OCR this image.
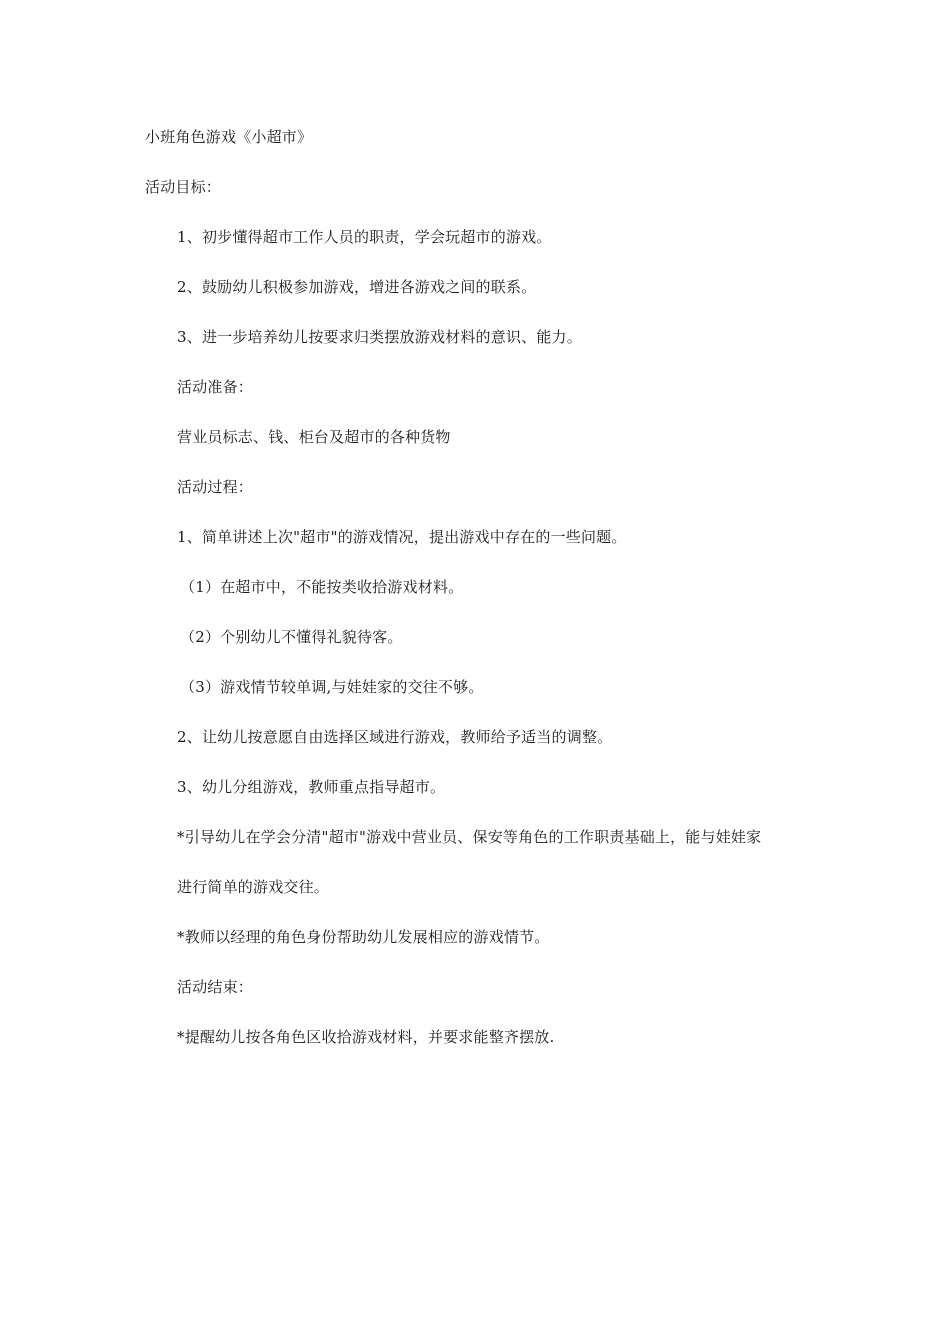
小班角色游戏《小超市》
活动目标：
1、初步懂得超市工作人员的职责，学会玩超市的游戏。
2、鼓励幼儿积极参加游戏，增进各游戏之间的联系。
3、进一步培养幼儿按要求归类摆放游戏材料的意识、能力。
活动准备：
营业员标志、钱、柜台及超市的各种货物
活动过程：
1、简单讲述上次"超市"的游戏情况，提出游戏中存在的一些问题。
（1）在超市中，不能按类收拾游戏材料。
（2）个别幼儿不懂得礼貌待客。
（3）游戏情节较单调,与娃娃家的交往不够。
2、让幼儿按意愿自由选择区域进行游戏，教师给予适当的调整。
3、幼儿分组游戏，教师重点指导超市。
*引导幼儿在学会分清"超市"游戏中营业员、保安等角色的工作职责基础上，能与娃娃家
进行简单的游戏交往。
*教师以经理的角色身份帮助幼儿发展相应的游戏情节。
活动结束：
*提醒幼儿按各角色区收拾游戏材料，并要求能整齐摆放.
